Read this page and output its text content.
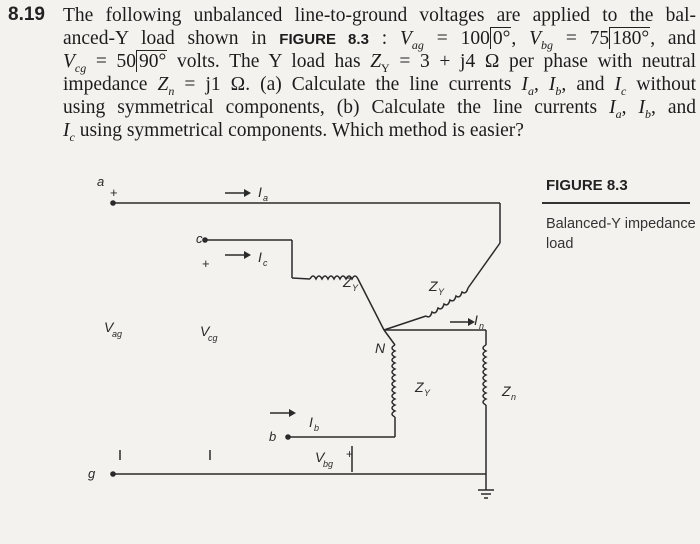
8.19 The following unbalanced line-to-ground voltages are applied to the bal-
anced-Y load shown in FIGURE 8.3 : $V_{ag} = 100$ 0°, $V_{bg} = 75$ 180°, and
$V_{cg} = 50$ 90° volts. The Y load has $Z_Y = 3 + j4$ Ω per phase with neutral
impedance $Z_n = j1$ Ω. (a) Calculate the line currents $I_a$, $I_b$, and $I_c$ without
using symmetrical components, (b) Calculate the line currents $I_a$, $I_b$, and
$I_c$ using symmetrical components. Which method is easier?
FIGURE 8.3
Balanced-Y impedance load
a
+
c
+
b
g
N
I a
I c
I b
I n
V
ag	V
cg
V
bg
+
Z Y	Z Y
Z Y	Z n
